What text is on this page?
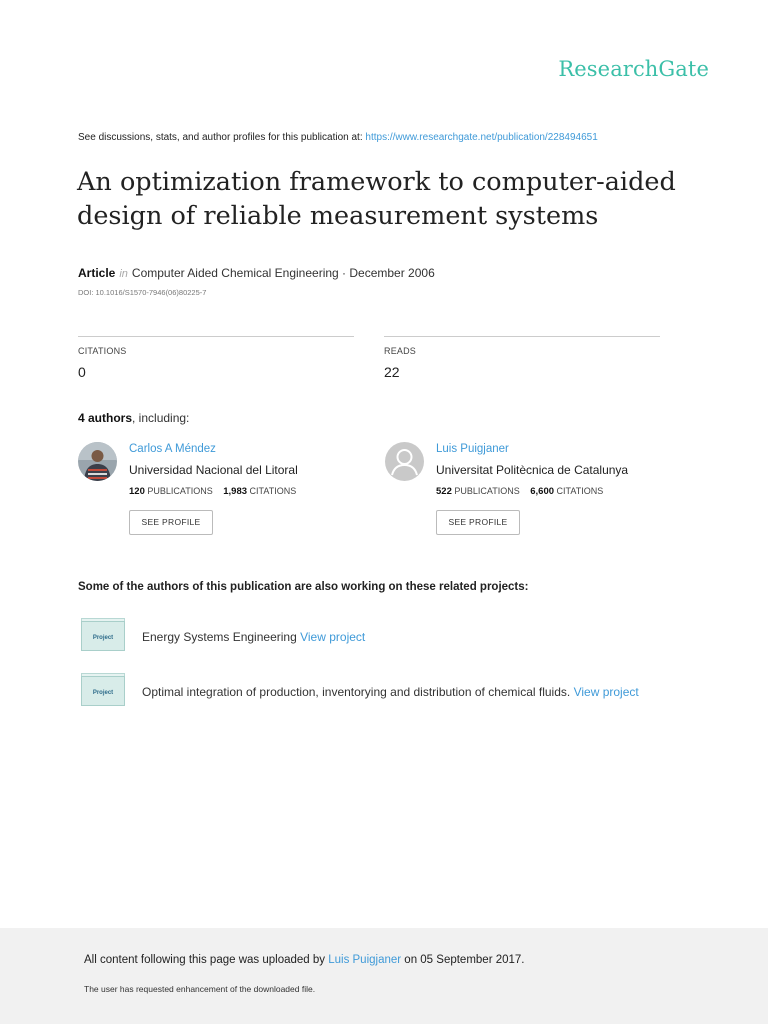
ResearchGate
See discussions, stats, and author profiles for this publication at: https://www.researchgate.net/publication/228494651
An optimization framework to computer-aided design of reliable measurement systems
Article in Computer Aided Chemical Engineering · December 2006
DOI: 10.1016/S1570-7946(06)80225-7
CITATIONS
0
READS
22
4 authors, including:
Carlos A Méndez
Universidad Nacional del Litoral
120 PUBLICATIONS 1,983 CITATIONS
SEE PROFILE
Luis Puigjaner
Universitat Politècnica de Catalunya
522 PUBLICATIONS 6,600 CITATIONS
SEE PROFILE
Some of the authors of this publication are also working on these related projects:
Project	Energy Systems Engineering View project
Project	Optimal integration of production, inventorying and distribution of chemical fluids. View project
All content following this page was uploaded by Luis Puigjaner on 05 September 2017.
The user has requested enhancement of the downloaded file.
